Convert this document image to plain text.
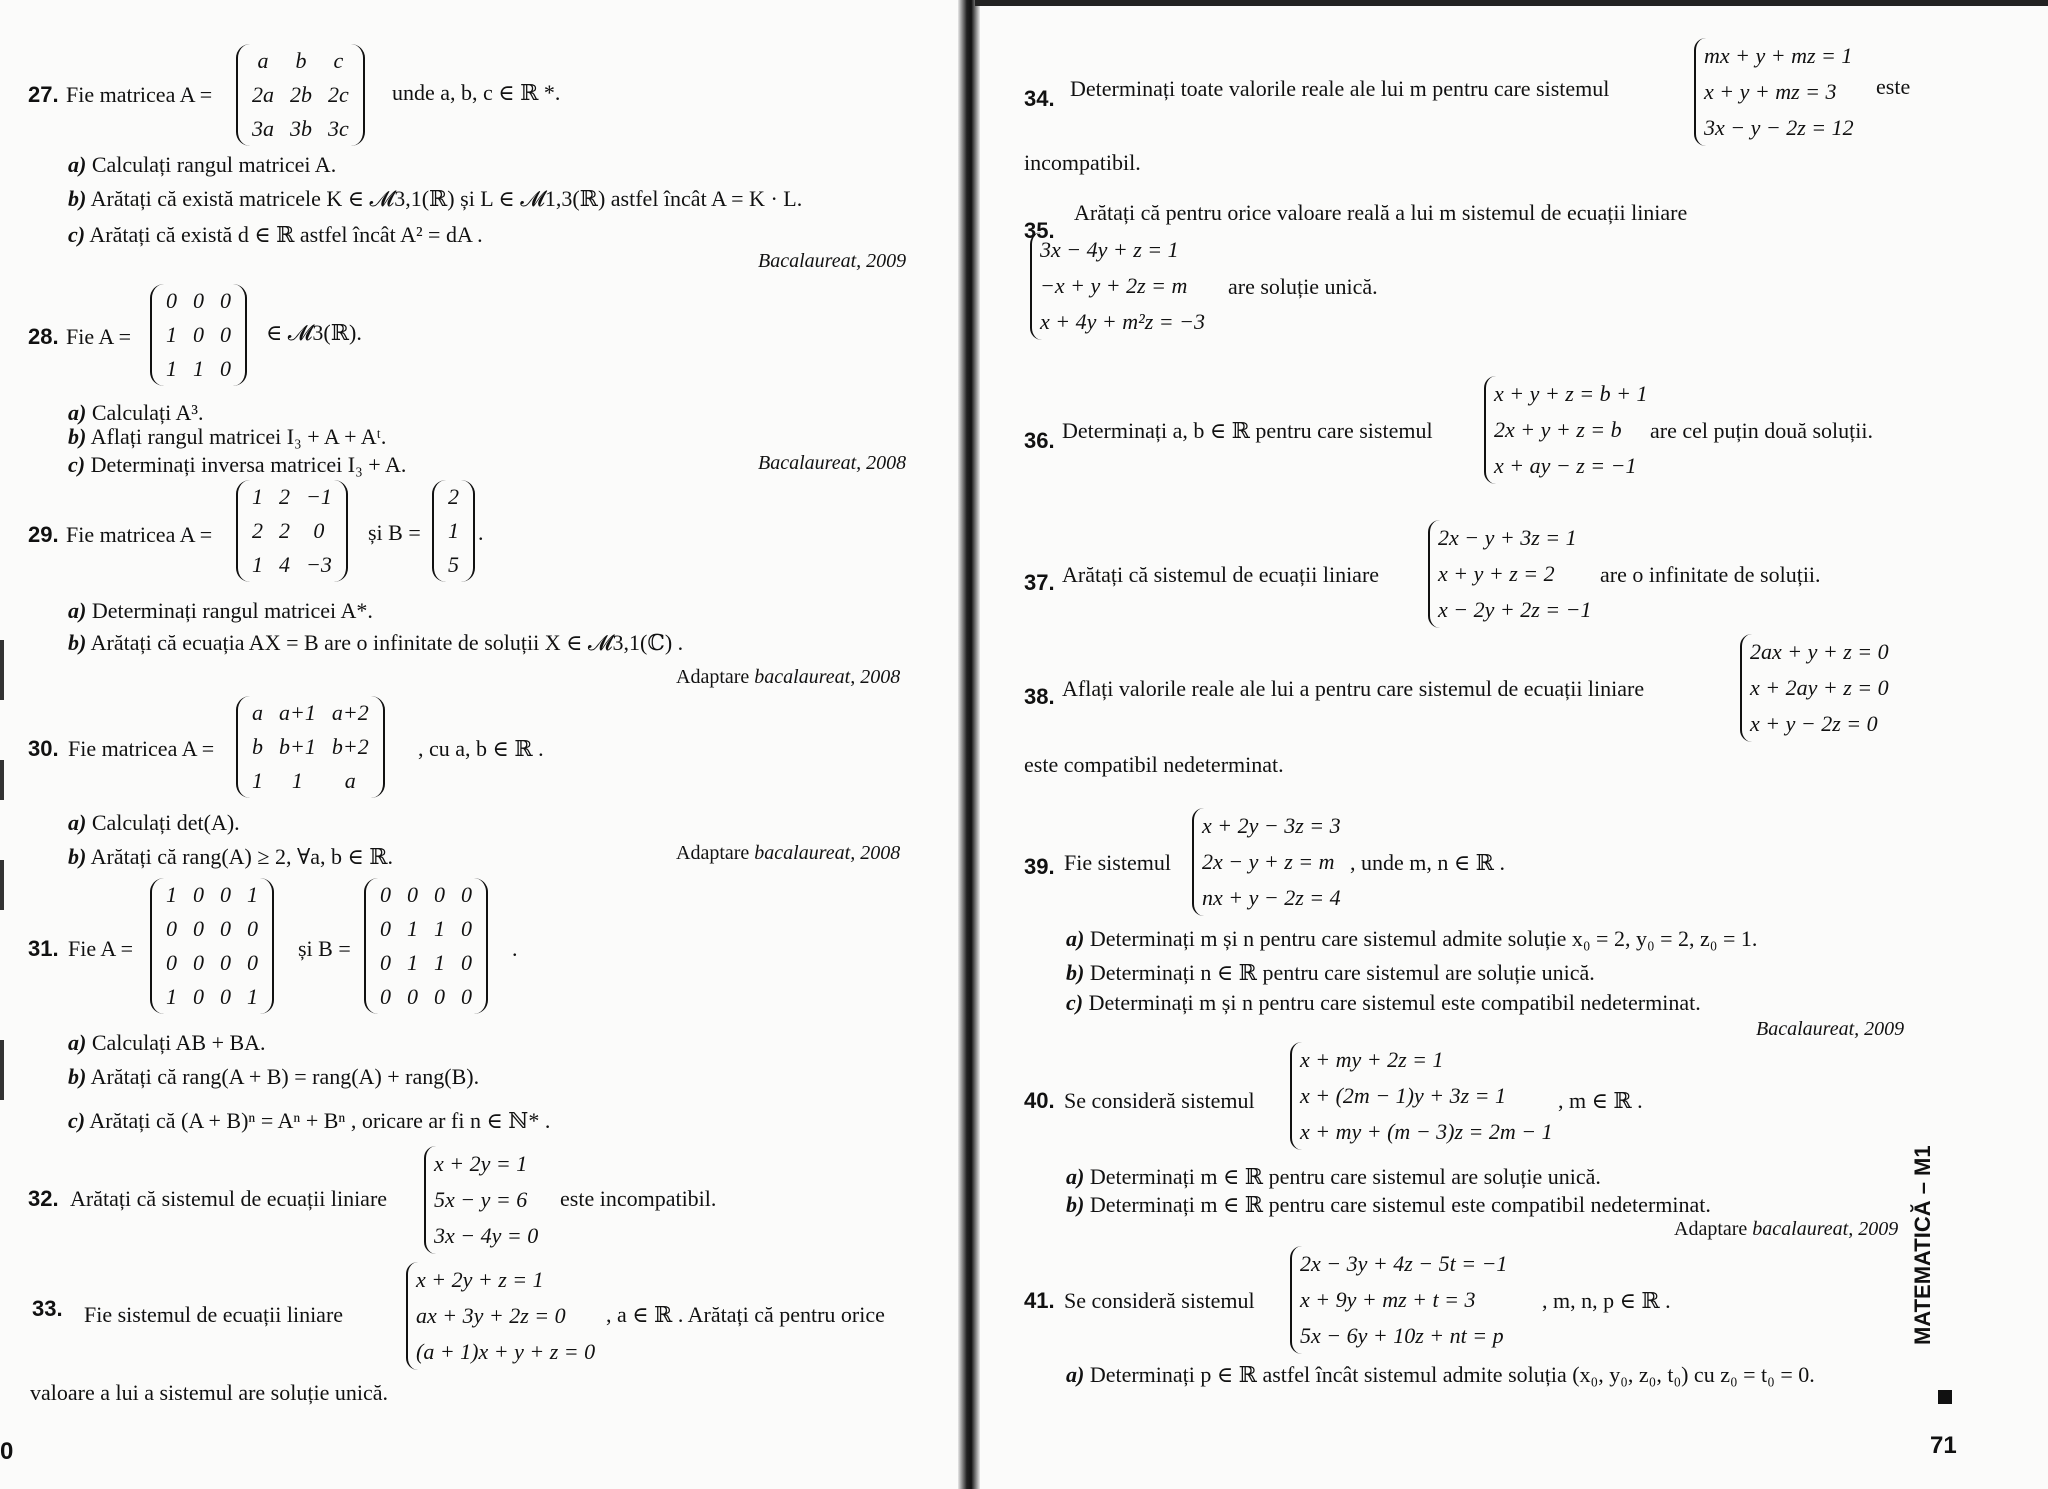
27. Fie matricea A =
a	b	c
2a	2b	2c
3a	3b	3c
unde a, b, c ∈ ℝ *.
a) Calculați rangul matricei A.
b) Arătați că există matricele K ∈ 𝓜3,1(ℝ) și L ∈ 𝓜1,3(ℝ) astfel încât A = K · L.
c) Arătați că există d ∈ ℝ astfel încât A² = dA .
Bacalaureat, 2009
28. Fie A =
0	0	0
1	0	0
1	1	0
∈ 𝓜3(ℝ).
a) Calculați A³.
b) Aflați rangul matricei I₃ + A + Aᵗ.
c) Determinați inversa matricei I₃ + A.	Bacalaureat, 2008
29. Fie matricea A =
1	2	−1
2	2	0
1	4	−3
și B =
2
1
5
.
a) Determinați rangul matricei A*.
b) Arătați că ecuația AX = B are o infinitate de soluții X ∈ 𝓜3,1(ℂ) .
Adaptare bacalaureat, 2008
30. Fie matricea A =
a	a+1	a+2
b	b+1	b+2
1	1	a
, cu a, b ∈ ℝ .
a) Calculați det(A).
b) Arătați că rang(A) ≥ 2, ∀a, b ∈ ℝ.	Adaptare bacalaureat, 2008
31. Fie A =
1	0	0	1
0	0	0	0
0	0	0	0
1	0	0	1
și B =
0	0	0	0
0	1	1	0
0	1	1	0
0	0	0	0
.
a) Calculați AB + BA.
b) Arătați că rang(A + B) = rang(A) + rang(B).
c) Arătați că (A + B)ⁿ = Aⁿ + Bⁿ , oricare ar fi n ∈ ℕ* .
32. Arătați că sistemul de ecuații liniare
x + 2y = 1
5x − y = 6
3x − 4y = 0
este incompatibil.
33. Fie sistemul de ecuații liniare
x + 2y + z = 1
ax + 3y + 2z = 0
(a + 1)x + y + z = 0
, a ∈ ℝ . Arătați că pentru orice
valoare a lui a sistemul are soluție unică.
0
34. Determinați toate valorile reale ale lui m pentru care sistemul
mx + y + mz = 1
x + y + mz = 3
3x − y − 2z = 12
este
incompatibil.
35.
Arătați că pentru orice valoare reală a lui m sistemul de ecuații liniare
3x − 4y + z = 1
−x + y + 2z = m
x + 4y + m²z = −3
are soluție unică.
36. Determinați a, b ∈ ℝ pentru care sistemul
x + y + z = b + 1
2x + y + z = b
x + ay − z = −1
are cel puțin două soluții.
37. Arătați că sistemul de ecuații liniare
2x − y + 3z = 1
x + y + z = 2
x − 2y + 2z = −1
are o infinitate de soluții.
38. Aflați valorile reale ale lui a pentru care sistemul de ecuații liniare
2ax + y + z = 0
x + 2ay + z = 0
x + y − 2z = 0
este compatibil nedeterminat.
39. Fie sistemul
x + 2y − 3z = 3
2x − y + z = m
nx + y − 2z = 4
, unde m, n ∈ ℝ .
a) Determinați m și n pentru care sistemul admite soluție x₀ = 2, y₀ = 2, z₀ = 1.
b) Determinați n ∈ ℝ pentru care sistemul are soluție unică.
c) Determinați m și n pentru care sistemul este compatibil nedeterminat.
Bacalaureat, 2009
40. Se consideră sistemul
x + my + 2z = 1
x + (2m − 1)y + 3z = 1
x + my + (m − 3)z = 2m − 1
, m ∈ ℝ .
a) Determinați m ∈ ℝ pentru care sistemul are soluție unică.
b) Determinați m ∈ ℝ pentru care sistemul este compatibil nedeterminat.
Adaptare bacalaureat, 2009
41. Se consideră sistemul
2x − 3y + 4z − 5t = −1
x + 9y + mz + t = 3
5x − 6y + 10z + nt = p
, m, n, p ∈ ℝ .
a) Determinați p ∈ ℝ astfel încât sistemul admite soluția (x₀, y₀, z₀, t₀) cu z₀ = t₀ = 0.
MATEMATICĂ – M1
71
